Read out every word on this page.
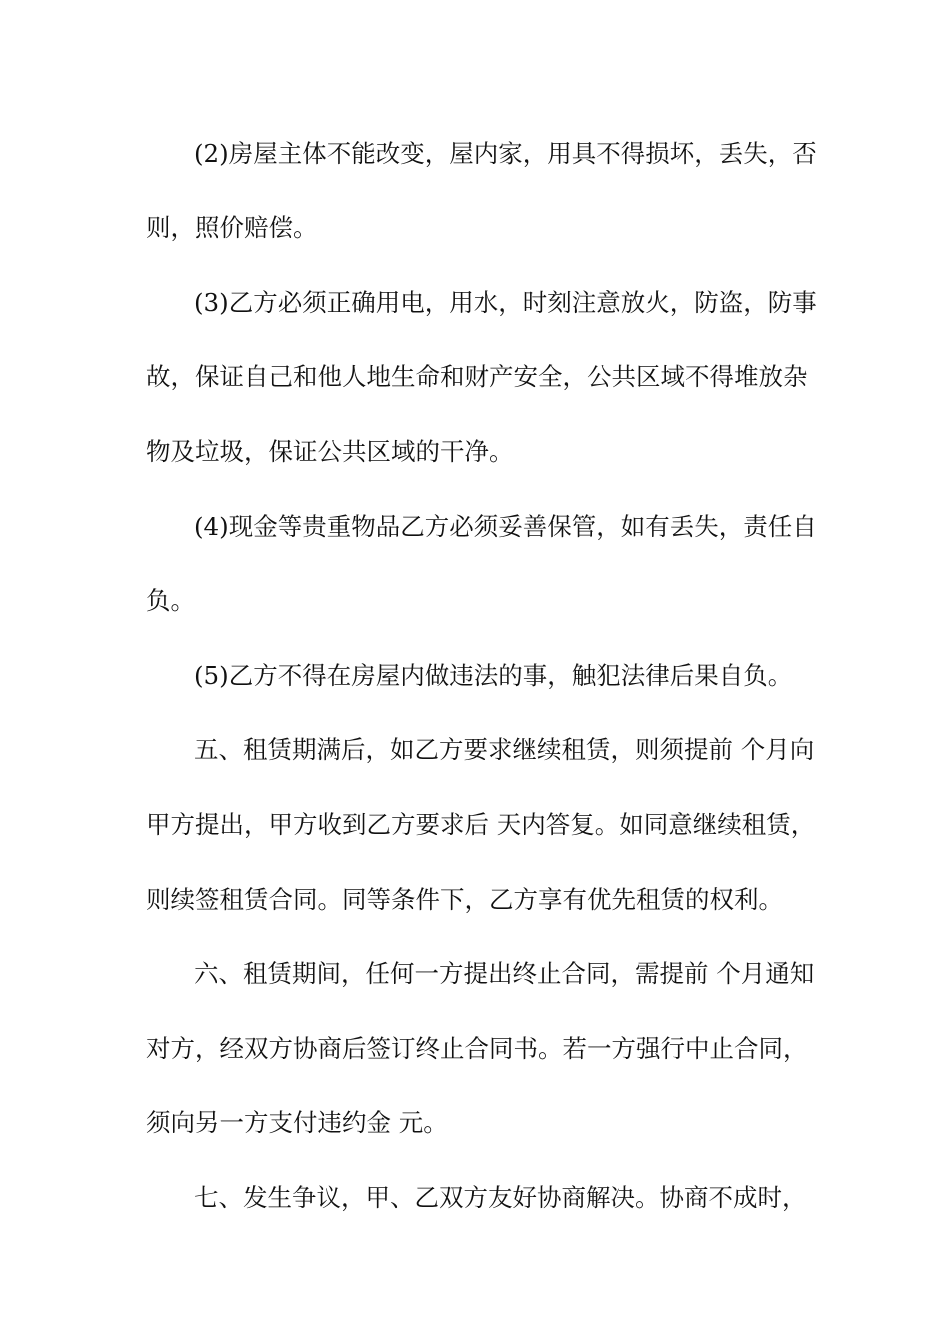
(2)房屋主体不能改变，屋内家，用具不得损坏，丢失，否
则，照价赔偿。
(3)乙方必须正确用电，用水，时刻注意放火，防盗，防事
故，保证自己和他人地生命和财产安全，公共区域不得堆放杂
物及垃圾，保证公共区域的干净。
(4)现金等贵重物品乙方必须妥善保管，如有丢失，责任自
负。
(5)乙方不得在房屋内做违法的事，触犯法律后果自负。
五、租赁期满后，如乙方要求继续租赁，则须提前 个月向
甲方提出，甲方收到乙方要求后 天内答复。如同意继续租赁，
则续签租赁合同。同等条件下，乙方享有优先租赁的权利。
六、租赁期间，任何一方提出终止合同，需提前 个月通知
对方，经双方协商后签订终止合同书。若一方强行中止合同，
须向另一方支付违约金 元。
七、发生争议，甲、乙双方友好协商解决。协商不成时，
